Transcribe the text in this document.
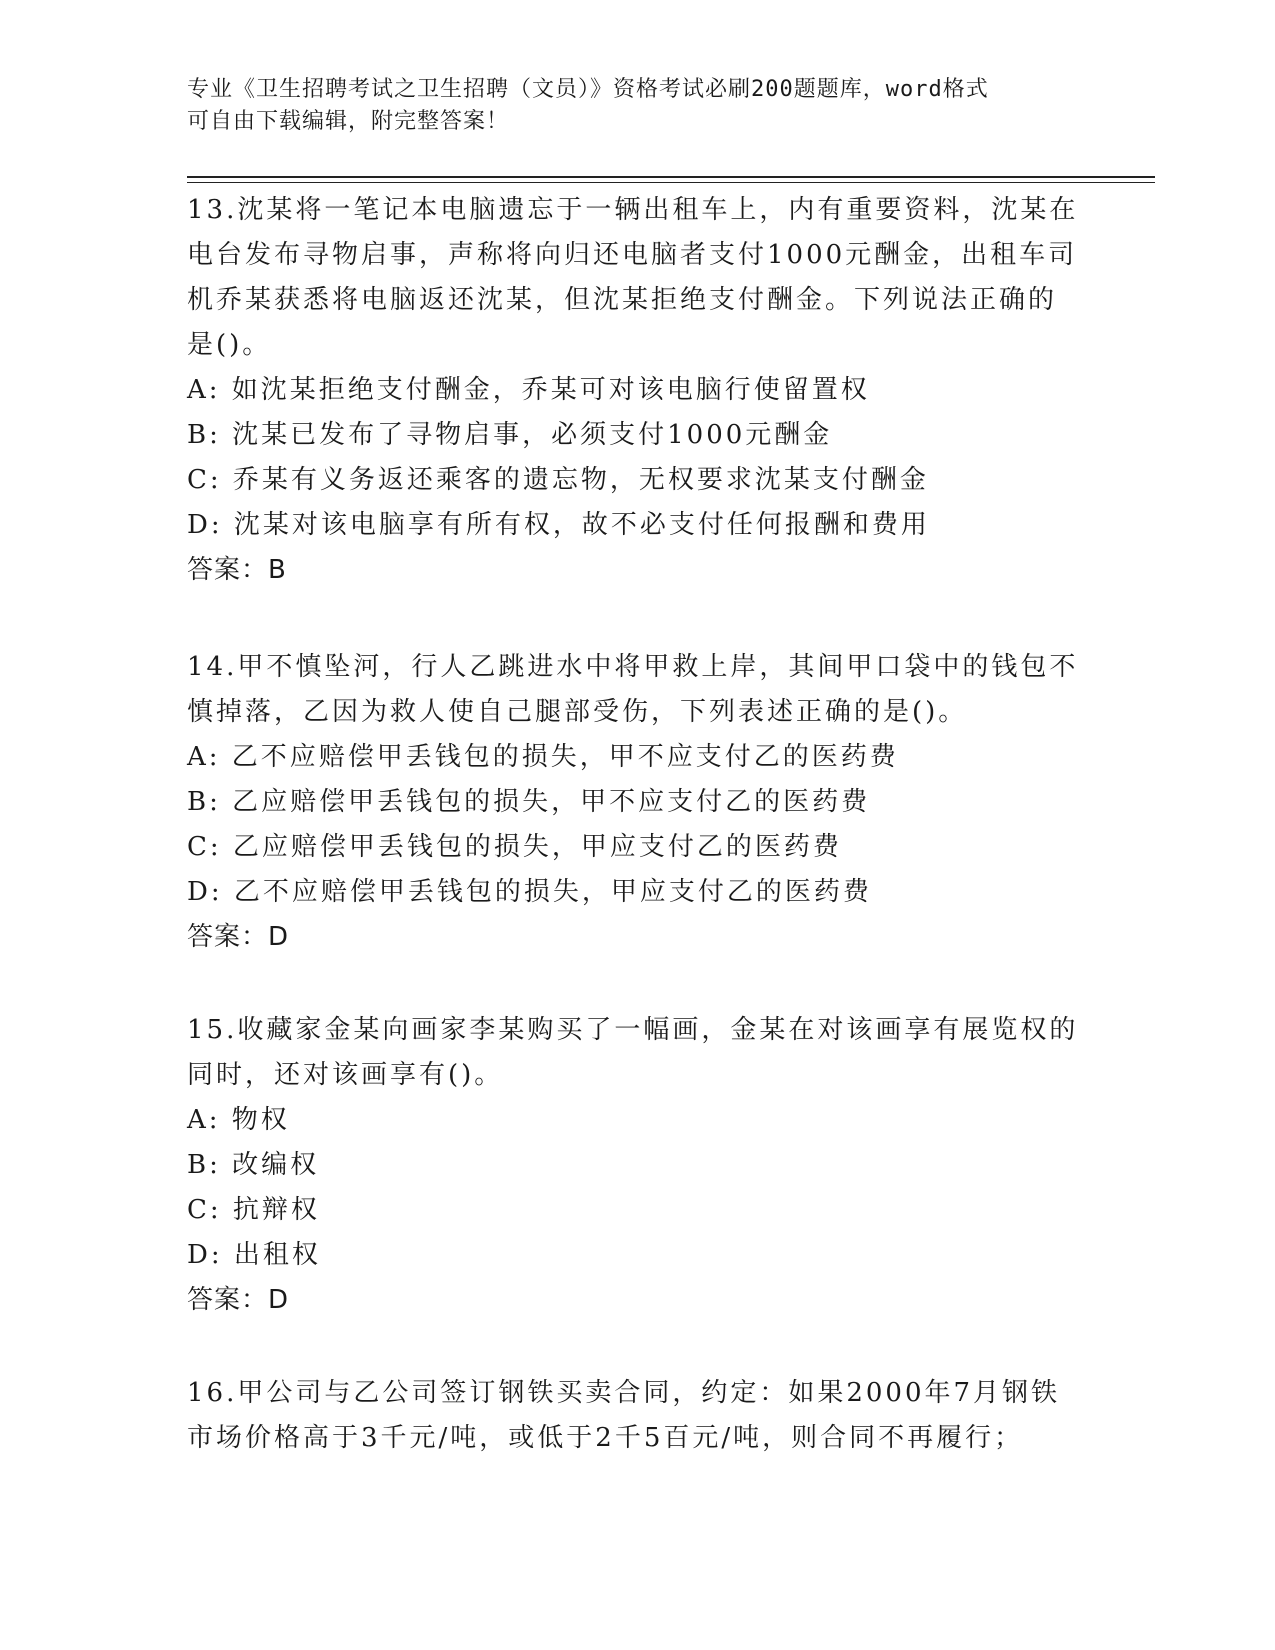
专业《卫生招聘考试之卫生招聘（文员）》资格考试必刷200题题库，word格式

可自由下载编辑，附完整答案！

13.沈某将一笔记本电脑遗忘于一辆出租车上，内有重要资料，沈某在

电台发布寻物启事，声称将向归还电脑者支付1000元酬金，出租车司

机乔某获悉将电脑返还沈某，但沈某拒绝支付酬金。下列说法正确的

是()。

A: 如沈某拒绝支付酬金，乔某可对该电脑行使留置权

B: 沈某已发布了寻物启事，必须支付1000元酬金

C: 乔某有义务返还乘客的遗忘物，无权要求沈某支付酬金

D: 沈某对该电脑享有所有权，故不必支付任何报酬和费用

答案：B

14.甲不慎坠河，行人乙跳进水中将甲救上岸，其间甲口袋中的钱包不

慎掉落，乙因为救人使自己腿部受伤，下列表述正确的是()。

A: 乙不应赔偿甲丢钱包的损失，甲不应支付乙的医药费

B: 乙应赔偿甲丢钱包的损失，甲不应支付乙的医药费

C: 乙应赔偿甲丢钱包的损失，甲应支付乙的医药费

D: 乙不应赔偿甲丢钱包的损失，甲应支付乙的医药费

答案：D

15.收藏家金某向画家李某购买了一幅画，金某在对该画享有展览权的

同时，还对该画享有()。

A: 物权

B: 改编权

C: 抗辩权

D: 出租权

答案：D

16.甲公司与乙公司签订钢铁买卖合同，约定：如果2000年7月钢铁

市场价格高于3千元/吨，或低于2千5百元/吨，则合同不再履行；
